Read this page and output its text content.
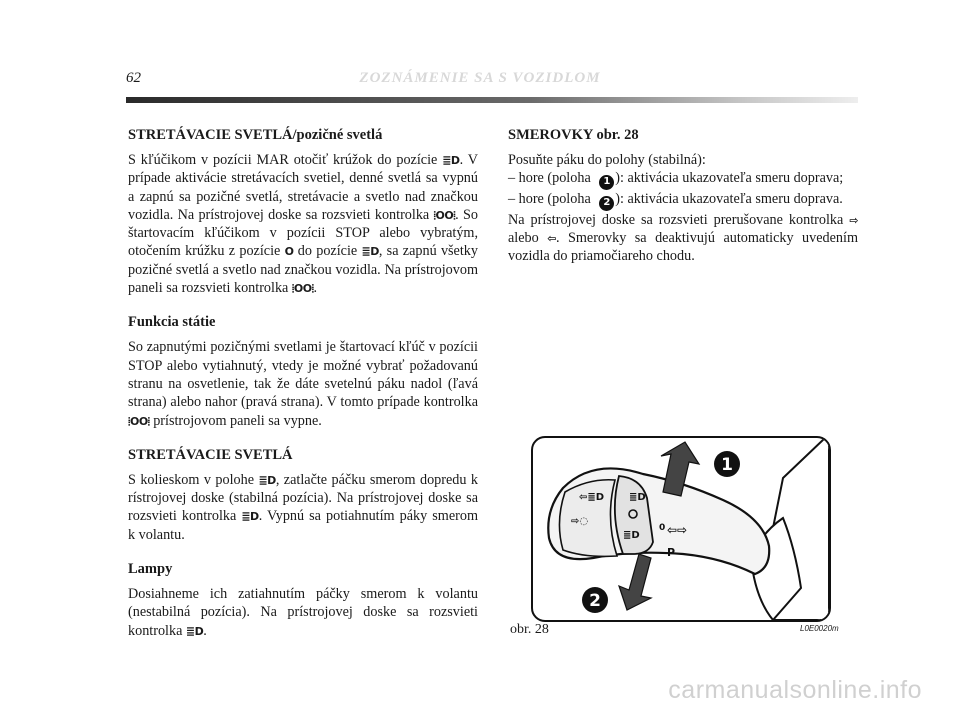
62	ZOZNÁMENIE SA S VOZIDLOM
STRETÁVACIE SVETLÁ/pozičné svetlá

S kľúčikom v pozícii MAR otočiť krúžok do pozície ≣D. V prípade aktivácie stretávacích svetiel, denné svetlá sa vypnú a zapnú sa pozičné svetlá, stretávacie a svetlo nad značkou vozidla. Na prístrojovej doske sa rozsvieti kontrolka ⦙OO⦙. So štartovacím kľúčikom v pozícii STOP alebo vybratým, otočením krúžku z pozície O do pozície ≣D, sa zapnú všetky pozičné svetlá a svetlo nad značkou vozidla. Na prístrojovom paneli sa rozsvieti kontrolka ⦙OO⦙.

Funkcia státie

So zapnutými pozičnými svetlami je štartovací kľúč v pozícii STOP alebo vytiahnutý, vtedy je možné vybrať požadovanú stranu na osvetlenie, tak že dáte svetelnú páku nadol (ľavá strana) alebo nahor (pravá strana). V tomto prípade kontrolka ⦙OO⦙ prístrojovom paneli sa vypne.

STRETÁVACIE SVETLÁ

S kolieskom v polohe ≣D, zatlačte páčku smerom dopredu k rístrojovej doske (stabilná pozícia). Na prístrojovej doske sa rozsvieti kontrolka ≣D. Vypnú sa potiahnutím páky smerom k volantu.

Lampy

Dosiahneme ich zatiahnutím páčky smerom k volantu (nestabilná pozícia). Na prístrojovej doske sa rozsvieti kontrolka ≣D.

SMEROVKY obr. 28

Posuňte páku do polohy (stabilná):

– hore (poloha 1 ): aktivácia ukazovateľa smeru doprava;

– hore (poloha 2 ): aktivácia ukazovateľa smeru doprava.

Na prístrojovej doske sa rozsvieti prerušovane kontrolka ⇨ alebo ⇦. Smerovky sa deaktivujú automaticky uvedením vozidla do priamočiareho chodu.

⇦≣D
⇨◌
≣D
≣D
0 ⇦⇨
P
1
2
obr. 28	L0E0020m
carmanualsonline.info
